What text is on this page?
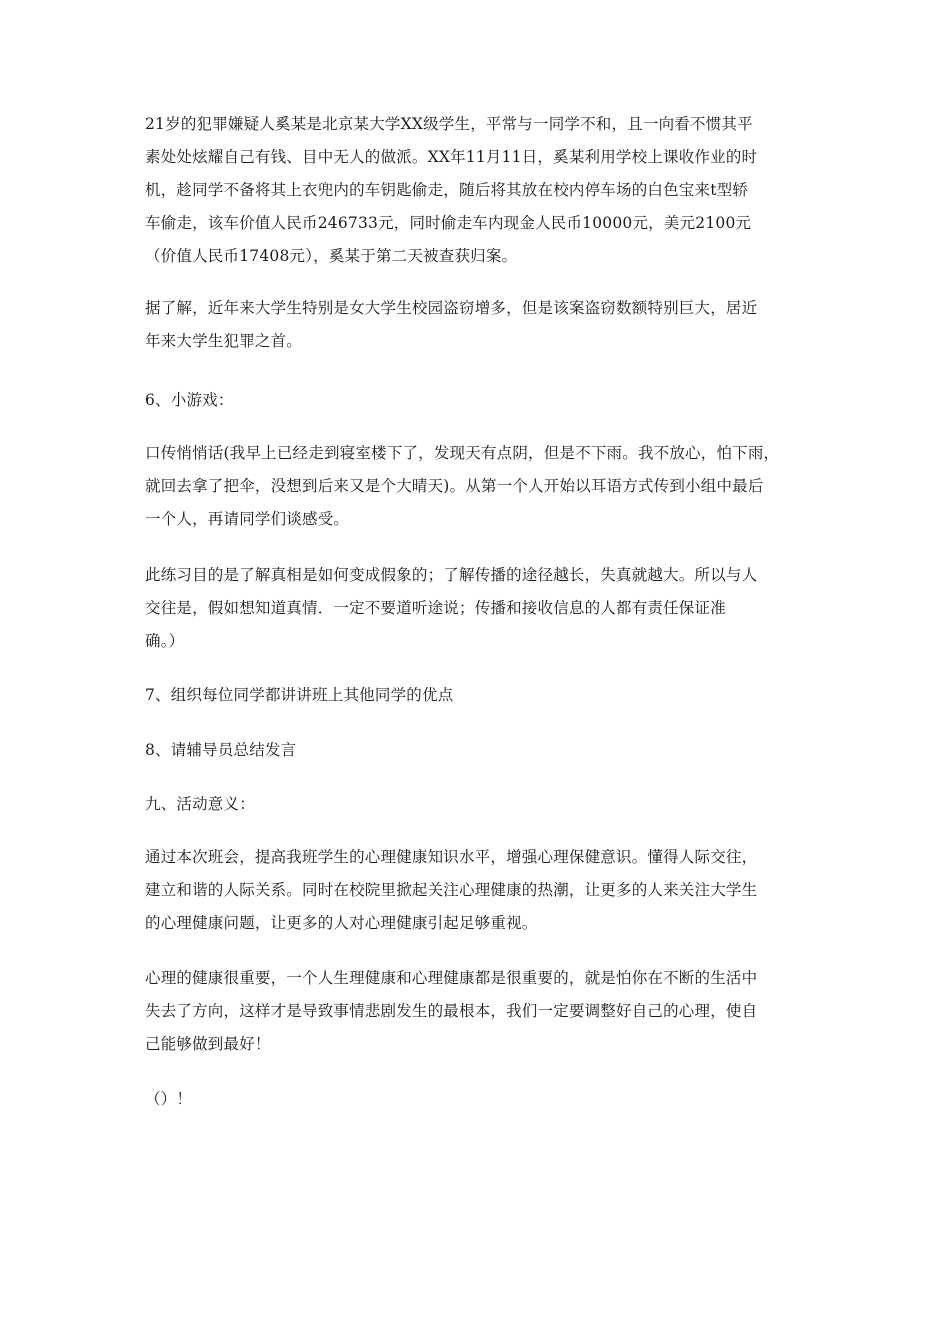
21岁的犯罪嫌疑人奚某是北京某大学XX级学生，平常与一同学不和，且一向看不惯其平
素处处炫耀自己有钱、目中无人的做派。XX年11月11日，奚某利用学校上课收作业的时
机，趁同学不备将其上衣兜内的车钥匙偷走，随后将其放在校内停车场的白色宝来t型轿
车偷走，该车价值人民币246733元，同时偷走车内现金人民币10000元，美元2100元
（价值人民币17408元），奚某于第二天被查获归案。

据了解，近年来大学生特别是女大学生校园盗窃增多，但是该案盗窃数额特别巨大，居近
年来大学生犯罪之首。

6、小游戏：

口传悄悄话(我早上已经走到寝室楼下了，发现天有点阴，但是不下雨。我不放心，怕下雨，
就回去拿了把伞，没想到后来又是个大晴天)。从第一个人开始以耳语方式传到小组中最后
一个人，再请同学们谈感受。

此练习目的是了解真相是如何变成假象的；了解传播的途径越长，失真就越大。所以与人
交往是，假如想知道真情．一定不要道听途说；传播和接收信息的人都有责任保证准
确。）

7、组织每位同学都讲讲班上其他同学的优点

8、请辅导员总结发言

九、活动意义：

通过本次班会，提高我班学生的心理健康知识水平，增强心理保健意识。懂得人际交往，
建立和谐的人际关系。同时在校院里掀起关注心理健康的热潮，让更多的人来关注大学生
的心理健康问题，让更多的人对心理健康引起足够重视。

心理的健康很重要，一个人生理健康和心理健康都是很重要的，就是怕你在不断的生活中
失去了方向，这样才是导致事情悲剧发生的最根本，我们一定要调整好自己的心理，使自
己能够做到最好！

（）！
